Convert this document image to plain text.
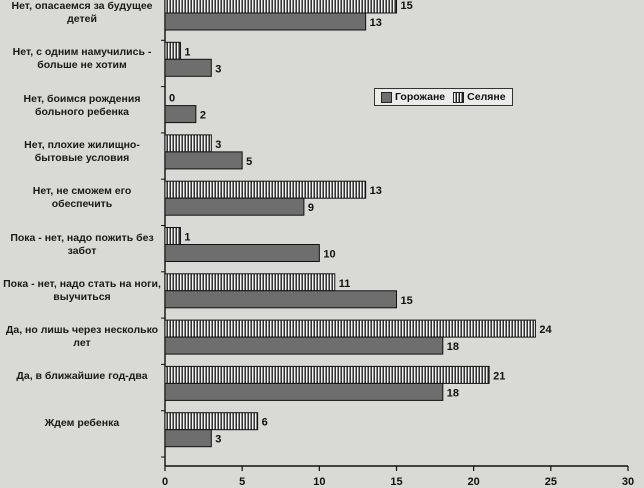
0	5	10	15	20	25	30
15
13
1
3
0
2
3
5
13
9
1
10
11
15
24
18
21
18
6
3
Нет, опасаемся за будущее детей
Нет, с одним намучились - больше не хотим
Нет, боимся рождения больного ребенка
Нет, плохие жилищно-бытовые условия
Нет, не сможем его обеспечить
Пока - нет, надо пожить без забот
Пока - нет, надо стать на ноги, выучиться
Да, но лишь через несколько лет
Да, в ближайшие год-два
Ждем ребенка
Горожане Селяне
